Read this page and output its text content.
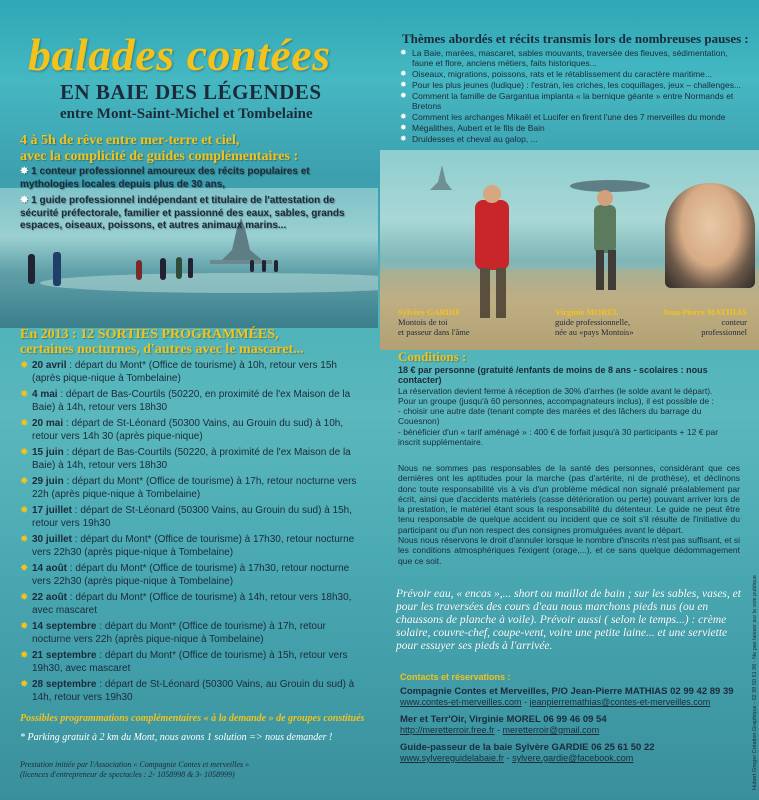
balades contées
EN BAIE DES LÉGENDES
entre Mont-Saint-Michel et Tombelaine
4 à 5h de rêve entre mer-terre et ciel,
avec la complicité de guides complémentaires :
✸ 1 conteur professionnel amoureux des récits populaires et mythologies locales depuis plus de 30 ans,
✸ 1 guide professionnel indépendant et titulaire de l'attestation de sécurité préfectorale, familier et passionné des eaux, sables, grands espaces, oiseaux, poissons, et autres animaux marins...
En 2013 : 12 SORTIES PROGRAMMÉES,
certaines nocturnes, d'autres avec le mascaret...
✸ 20 avril : départ du Mont* (Office de tourisme) à 10h, retour vers 15h (après pique-nique à Tombelaine)
✸ 4 mai : départ de Bas-Courtils (50220, en proximité de l'ex Maison de la Baie) à 14h, retour vers 18h30
✸ 20 mai : départ de St-Léonard (50300 Vains, au Grouin du sud) à 10h, retour vers 14h 30 (après pique-nique)
✸ 15 juin : départ de Bas-Courtils (50220, à proximité de l'ex Maison de la Baie) à 14h, retour vers 18h30
✸ 29 juin : départ du Mont* (Office de tourisme) à 17h, retour nocturne vers 22h (après pique-nique à Tombelaine)
✸ 17 juillet : départ de St-Léonard (50300 Vains, au Grouin du sud) à 15h, retour vers 19h30
✸ 30 juillet : départ du Mont* (Office de tourisme) à 17h30, retour nocturne vers 22h30 (après pique-nique à Tombelaine)
✸ 14 août : départ du Mont* (Office de tourisme) à 17h30, retour nocturne vers 22h30 (après pique-nique à Tombelaine)
✸ 22 août : départ du Mont* (Office de tourisme) à 14h, retour vers 18h30, avec mascaret
✸ 14 septembre : départ du Mont* (Office de tourisme) à 17h, retour nocturne vers 22h (après pique-nique à Tombelaine)
✸ 21 septembre : départ du Mont* (Office de tourisme) à 15h, retour vers 19h30, avec mascaret
✸ 28 septembre : départ de St-Léonard (50300 Vains, au Grouin du sud) à 14h, retour vers 19h30
Possibles programmations complémentaires « à la demande » de groupes constitués
* Parking gratuit à 2 km du Mont, nous avons 1 solution => nous demander !
Prestation initiée par l'Association « Compagnie Contes et merveilles »
(licences d'entrepreneur de spectacles : 2- 1058998 & 3- 1058999)
Thèmes abordés et récits transmis lors de nombreuses pauses :
✸ La Baie, marées, mascaret, sables mouvants, traversée des fleuves, sédimentation, faune et flore, anciens métiers, faits historiques...
✸ Oiseaux, migrations, poissons, rats et le rétablissement du caractère maritime...
✸ Pour les plus jeunes (ludique) : l'estran, les criches, les coquillages, jeux – challenges...
✸ Comment la famille de Gargantua implanta « la bernique géante » entre Normands et Bretons
✸ Comment les archanges Mikaël et Lucifer en firent l'une des 7 merveilles du monde
✸ Mégalithes, Aubert et le fils de Bain
✸ Druidesses et cheval au galop, ...
Sylvère GARDIE
Montois de toi
et passeur dans l'âme
Virginie MOREL
guide professionnelle,
née au «pays Montois»
Jean-Pierre MATHIAS
conteur
professionnel
Conditions :

18 € par personne (gratuité /enfants de moins de 8 ans - scolaires : nous contacter)

La réservation devient ferme à réception de 30% d'arrhes (le solde avant le départ).

Pour un groupe (jusqu'à 60 personnes, accompagnateurs inclus), il est possible de :

- choisir une autre date (tenant compte des marées et des lâchers du barrage du Couesnon)

- bénéficier d'un « tarif aménagé » : 400 € de forfait jusqu'à 30 participants + 12 € par inscrit supplémentaire.

Nous ne sommes pas responsables de la santé des personnes, considérant que ces dernières ont les aptitudes pour la marche (pas d'artérite, ni de prothèse), et déclinons donc toute responsabilité vis à vis d'un problème médical non signalé préalablement par écrit, ainsi que d'accidents matériels (casse détérioration ou perte) pouvant arriver lors de la prestation, le matériel étant sous la responsabilité du détenteur. Le guide ne peut être tenu responsable de quelque accident ou incident que ce soit s'il résulte de l'initiative du participant ou d'un non respect des consignes promulguées avant le départ.

Nous nous réservons le droit d'annuler lorsque le nombre d'inscrits n'est pas suffisant, et si les conditions atmosphériques l'exigent (orage,...), et ce sans quelque dédommagement que ce soit.

Prévoir eau, « encas »,... short ou maillot de bain ; sur les sables, vases, et pour les traversées des cours d'eau nous marchons pieds nus (ou en chaussons de planche à voile). Prévoir aussi ( selon le temps...) : crème solaire, couvre-chef, coupe-vent, voire une petite laine... et une serviette pour essuyer ses pieds à l'arrivée.
Contacts et réservations :
Compagnie Contes et Merveilles, P/O Jean-Pierre MATHIAS 02 99 42 89 39
www.contes-et-merveilles.com - jeanpierremathias@contes-et-merveilles.com
Mer et Terr'Oir, Virginie MOREL 06 99 46 09 54
http://meretterroir.free.fr - meretterroir@gmail.com
Guide-passeur de la baie Sylvère GARDIE 06 25 61 50 22
www.sylvereguidelabaie.fr - sylvere.gardie@facebook.com	Hubert Greger Création Graphique - 02 99 50 51 96 - Ne pas laisser sur la voie publique
